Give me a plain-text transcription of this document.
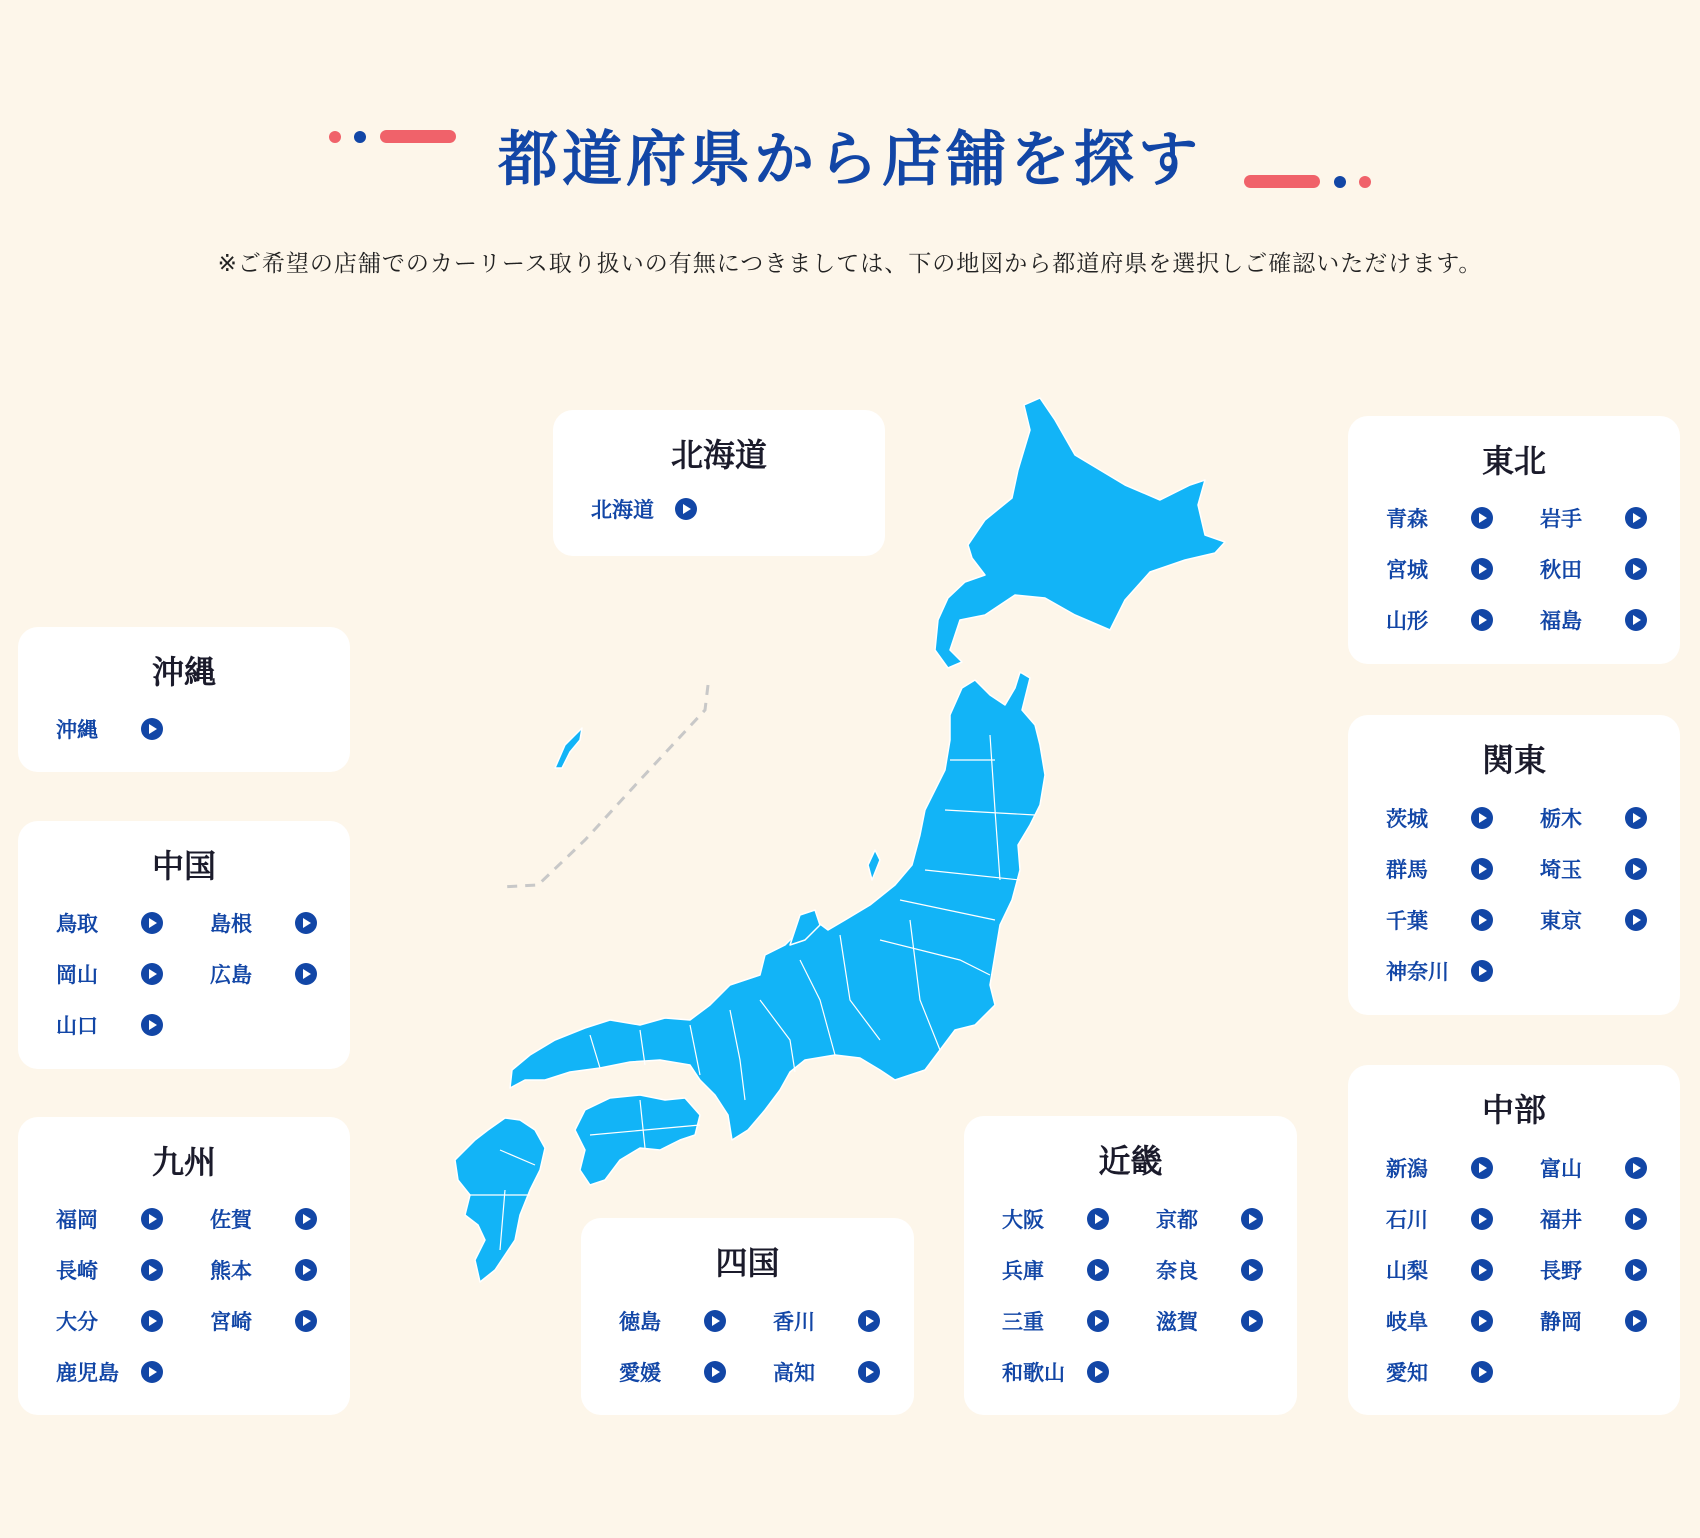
都道府県から店舗を探す
※ご希望の店舗でのカーリース取り扱いの有無につきましては、下の地図から都道府県を選択しご確認いただけます。
北海道
北海道
東北
青森	岩手
宮城	秋田
山形	福島
関東
茨城	栃木
群馬	埼玉
千葉	東京
神奈川
中部
新潟	富山
石川	福井
山梨	長野
岐阜	静岡
愛知
近畿
大阪	京都
兵庫	奈良
三重	滋賀
和歌山
四国
徳島	香川
愛媛	高知
沖縄
沖縄
中国
鳥取	島根
岡山	広島
山口
九州
福岡	佐賀
長崎	熊本
大分	宮崎
鹿児島
